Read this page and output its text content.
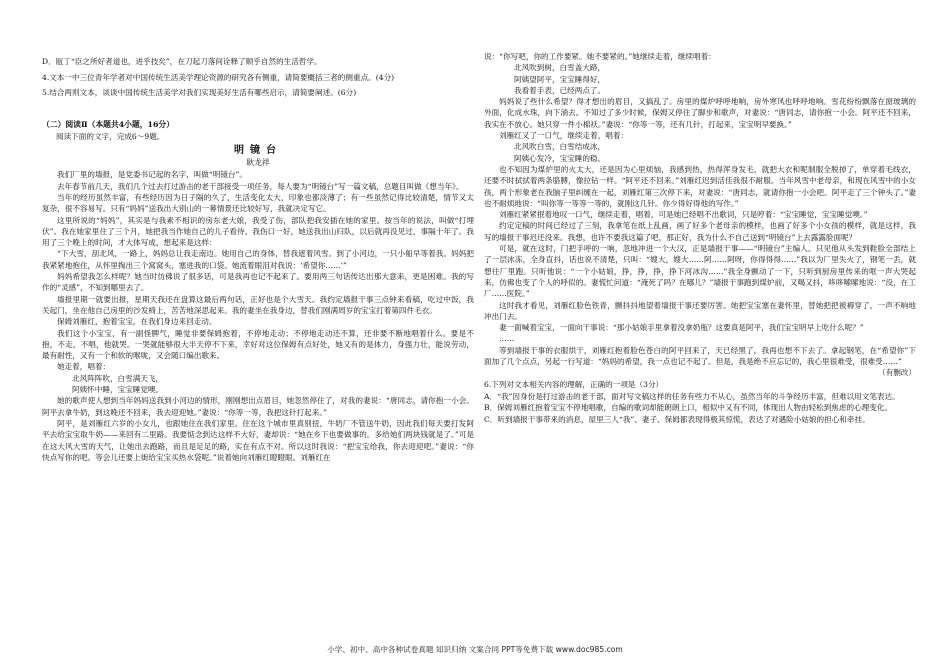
D．瓯丁“臣之所好者道也，进乎技矣”，在刀起刀落间诠释了顺乎自然的生活哲学。

4.文本一中三位青年学者对中国传统生活美学理论资源的研究各有侧重，请简要概括三者的侧重点。(4分)

5.结合两则文本，谈谈中国传统生活美学对我们实现美好生活有哪些启示，请简要阐述。(6分)

（二）阅读Ⅱ（本题共4小题，16分）

阅读下面的文字，完成6～9题。

明镜台

耿龙祥

我们厂里的墙报，是党委书记起的名字，叫做“明镜台”。

去年春节前几天，我们几个过去打过游击的老干部接受一项任务，每人要为“明镜台”写一篇文稿，总题目叫做《想当年》。

当年的经历虽然丰富，有些经历因为日子隔的久了，生活变化太大，印象也都淡薄了；有一些虽然记得比较清楚，情节又太复杂，很不容易写。只有“妈妈”送我出大别山的一幕情景还比较好写，我就决定写它。

这里所说的“妈妈”，其实是与我素不相识的房东老大娘，我受了伤，部队把我安插在她的家里。按当年的说法，叫做“打埋伏”。我在她家里住了三个月，她把我当作她自己的儿子看待。我伤口一好，她送我出山归队，以后就再没见过，事隔十年了。我用了三个晚上的时间，才大体写成，想起来是这样：

“下大雪，刮北风，一路上，妈妈总让我走南边。她用自己的身体，替我遮着风雪。到了小河边，一只小船早等着我。妈妈把我紧紧地抱住，从怀里掏出三个窝窝头，塞进我的口袋。她流着眼泪对我说：‘希望你……’”

妈妈希望我怎么样呢？她当时仿佛说了很多话，可是我再也记不起来了。要用两三句话传达出那大意来，更是困难。我的写作的“灵感”，不知到哪里去了。

墙报里期一就要出报，星期天我还在盘算这最后两句话，正好也是个大雪天。我约定墙报干事三点钟来看稿，吃过中饭，我关起门，坐在他自己房里的沙发椅上，苦苦地深思起来。我的妻坐在我身边，替我们刚满周岁的宝宝打着第四件毛衣。

保姆刘雁红，抱着宝宝，在我们身边来回走动。

我们这个小宝宝，有一副怪脾气，睡觉非要保姆抱着，不停地走动；不停地走动还不算，还非要不断地唱着什么。要是不抱，不走，不唱，他就哭。一哭就能够很大半天停不下来，幸好对这位保姆有点好处，她又有的是体力，身强力壮，能说劳动，最有耐性，又有一个和软的喉咙，又会随口编出歌来。

她走着，唱着：

北风阵阵吹，白雪满天飞，

阿姨怀中睡，宝宝睡觉噢。

她的歌声使人想到当年妈妈送我到小河边的情形，刚刚想出点眉目，她忽然停住了，对我的妻说：“唐同志，请你抱一小会。阿平去拿牛奶，到这晚还不回来，我去迎迎她。”妻说：“你等一等，我把这针打起来。”

阿平，是刘雁红六岁的小女儿，也跟她住在我们家里。住在这个城市里真别扭，牛奶厂不管送牛奶，因此我们每天要打发阿平去给宝宝取牛奶——来回有二里路。我要惦念到达这样不大好，妻却说：“她在乡下也要做事的。多给她们两块钱就是了。”可是在这大风大雪的天气，让她出去跑路，而且是足足的路，实在有点不对。所以这时我说：“把宝宝给我，你去迎迎吧。”妻说：“你快点写你的吧。等会儿还要上街给宝宝买热水袋呢。”说着她向刘雁红瞪瞪眼。刘雁红在

说：“你写吧，你的工作要紧。她不要紧的。”她继续走着，继续唱着：

北风吹到树，白雪盖大路，

阿姨望阿平，宝宝睡得好，

我看着手表，已经两点了。

妈妈说了些什么希望？得才想出的眉目，又搞乱了。房里的煤炉呼呼地响，房外寒风也呼呼地响。雪花纷纷飘落在窗玻璃的外面，化成水珠，向下淌去。不知过了多少时候，保姆又停住了脚步和歌声，对妻说：“唐同志，请你抱一小会。阿平还不回来，我实在不放心。她只穿一件小棉袄。”妻说：“你等一等，还有几针，打起来，宝宝明早要换。”

刘雁红又了一口气，继续走着，唱着：

北风吹白雪，白雪结成冰，

阿姨心发冷，宝宝睡的稳。

也不知因为煤炉里的火太大，还是因为心里烦恼，我感到热，热得浑身发毛，就把大衣和呢制服全脱掉了，单穿着毛线衣，还要不时拭拭着两条胳膊，像拉钻一样。“阿平还不回来。”刘雁红迟到活佳我很不耐服。当年风雪中老母亲，和现在风雪中的小女孩，两个形象老在我脑子里纠缠在一起，刘雁红第三次停下来，对妻说：“唐同志，就请你抱一小会吧。阿平走了三个钟头了。”妻也不耐烦地说：“叫你等一等等一等的，就刚这几针。你少得好得他的写作。”

刘雁红紧紧抿着地叹一口气，继续走着，唱着，可是她已经唱不出歌词，只是哼着：“宝宝睡觉，宝宝睡觉噢。”

约定定稿的时间已经过了三刻，我拿笔在纸上乱画，画了好多个老母亲的模样，也画了好多个小女孩的模样，就是这样，我写的墙报干事迟还没来。我想，也许不要我这篇了吧，那正好，我为什么不自己送到“明镜台”上去露露脸面呢？

可是，就在这时，门把手呼的一响，忽地冲进一个大汉，正是墙报干事——“明镜台”主编人。只见他从头发到鞋脸全部结上了一层冰冻，全身直抖，话也说不清楚，只叫：“嫂大，嫂大……阿……阿呀，你得得得……”我以为厂里失火了，钢笔一丢，就想往厂里跑。只听他说：“一个小姑娘，挣，挣，挣，挣下河冰沟……”我全身颤动了一下，只听到厨房里传来的哐一声大哭起来，仿佛也变了个人的呼似的。妻慌忙问道：“淹死了吗？在哪儿？”墙报干事跑到煤炉前，又喝又抖，哆哆嗦嗦地说：“没，在工厂……医院。”

这时我才看见，刘雁红脸色铁青，颤抖抖地望着墙报干事还要厉害。她把宝宝塞在妻怀里，替她把把被褥穿了，一声不响地冲出门去。

妻一面喊着宝宝，一面向干事说：“那小姑娘手里拿着没拿奶瓶？这要真是阿平，我们宝宝明早上吃什么呢？”

……

等到墙报干事的衣服烘干，刘雁红抱着脸色苍白的阿平回来了，天已经黑了。我再也想不下去了。拿起钢笔，在“希望你”下面加了几个点点，另起一行写道：“妈妈的希望，我一点也记不起了。但是，我是绝不应忘记的，我心里很难受，很难受……”

（有删改）

6.下列对文本相关内容的理解，正确的一项是（3分）

A．“我”因身份是打过游击的老干部，面对写文稿这样的任务有些力不从心，虽然当年的斗争经历丰富，但难以用文笔表达。

B．保姆刘雁红抱着宝宝不停地唱歌，自编的歌词却能朗朗上口，相似中又有不同，体现出人物由轻松到焦虑的心理变化。

C．听到墙报干事带来的消息，屋里三人“我”、妻子、保姆都表现得极其惊慌，表达了对遇险小姑娘的担心和牵挂。

小学、初中、高中各种试卷真题 知识归纳 文案合同 PPT等免费下载 www.doc985.com
